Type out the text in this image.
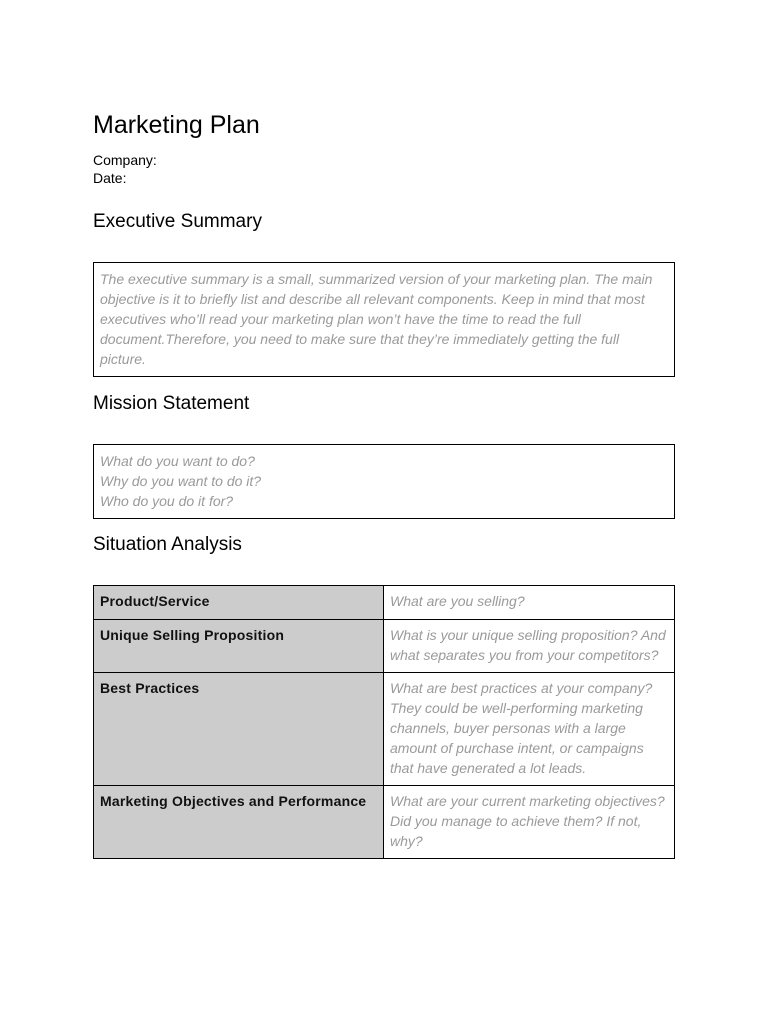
Marketing Plan
Company:
Date:
Executive Summary

The executive summary is a small, summarized version of your marketing plan. The main objective is it to briefly list and describe all relevant components. Keep in mind that most executives who’ll read your marketing plan won’t have the time to read the full document.Therefore, you need to make sure that they’re immediately getting the full picture.

Mission Statement

What do you want to do?

Why do you want to do it?

Who do you do it for?

Situation Analysis
Product/Service	What are you selling?
Unique Selling Proposition	What is your unique selling proposition? And what separates you from your competitors?
Best Practices	What are best practices at your company? They could be well-performing marketing channels, buyer personas with a large amount of purchase intent, or campaigns that have generated a lot leads.
Marketing Objectives and Performance	What are your current marketing objectives? Did you manage to achieve them? If not, why?
